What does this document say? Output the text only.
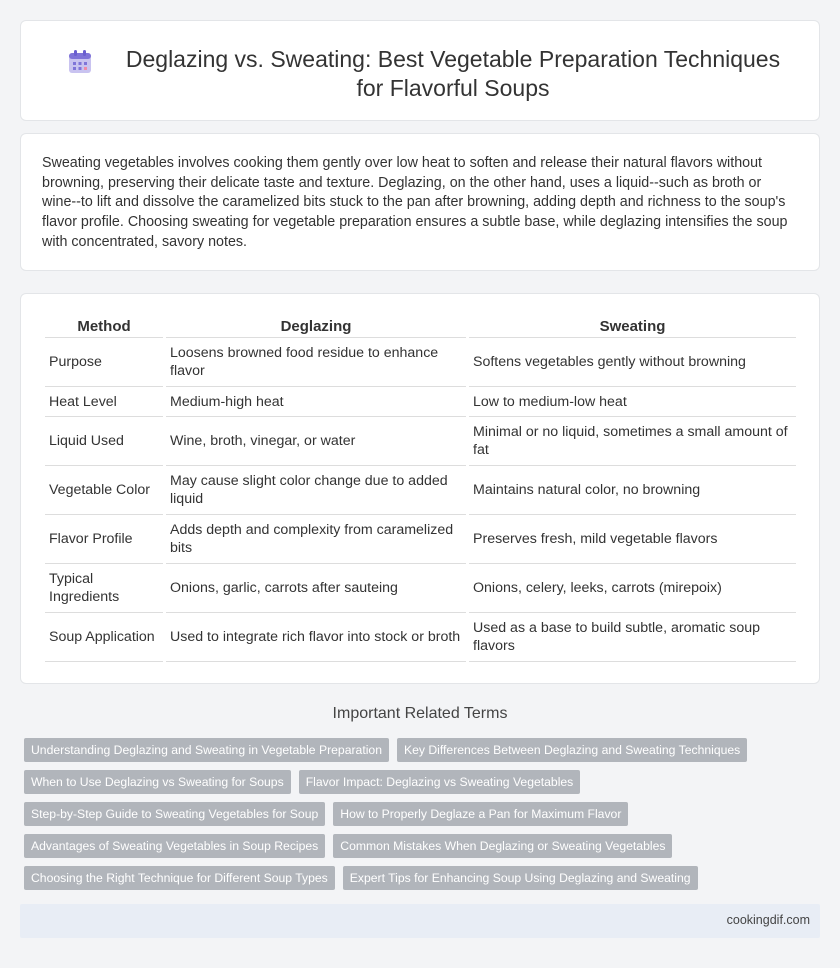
Deglazing vs. Sweating: Best Vegetable Preparation Techniques for Flavorful Soups

Sweating vegetables involves cooking them gently over low heat to soften and release their natural flavors without browning, preserving their delicate taste and texture. Deglazing, on the other hand, uses a liquid--such as broth or wine--to lift and dissolve the caramelized bits stuck to the pan after browning, adding depth and richness to the soup's flavor profile. Choosing sweating for vegetable preparation ensures a subtle base, while deglazing intensifies the soup with concentrated, savory notes.

Method	Deglazing	Sweating
Purpose	Loosens browned food residue to enhance flavor	Softens vegetables gently without browning
Heat Level	Medium-high heat	Low to medium-low heat
Liquid Used	Wine, broth, vinegar, or water	Minimal or no liquid, sometimes a small amount of fat
Vegetable Color	May cause slight color change due to added liquid	Maintains natural color, no browning
Flavor Profile	Adds depth and complexity from caramelized bits	Preserves fresh, mild vegetable flavors
Typical Ingredients	Onions, garlic, carrots after sauteing	Onions, celery, leeks, carrots (mirepoix)
Soup Application	Used to integrate rich flavor into stock or broth	Used as a base to build subtle, aromatic soup flavors
Important Related Terms
Understanding Deglazing and Sweating in Vegetable Preparation	Key Differences Between Deglazing and Sweating Techniques
When to Use Deglazing vs Sweating for Soups	Flavor Impact: Deglazing vs Sweating Vegetables
Step-by-Step Guide to Sweating Vegetables for Soup	How to Properly Deglaze a Pan for Maximum Flavor
Advantages of Sweating Vegetables in Soup Recipes	Common Mistakes When Deglazing or Sweating Vegetables
Choosing the Right Technique for Different Soup Types	Expert Tips for Enhancing Soup Using Deglazing and Sweating
cookingdif.com
